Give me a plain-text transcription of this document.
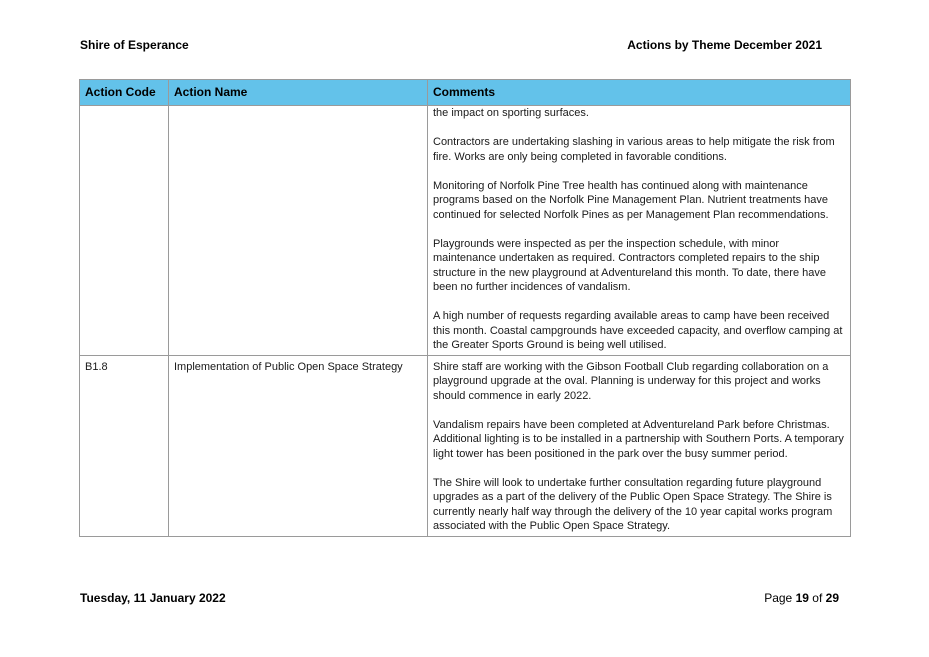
Shire of Esperance	Actions by Theme December 2021
Action Code	Action Name	Comments

		the impact on sporting surfaces.

Contractors are undertaking slashing in various areas to help mitigate the risk from fire. Works are only being completed in favorable conditions.

Monitoring of Norfolk Pine Tree health has continued along with maintenance programs based on the Norfolk Pine Management Plan. Nutrient treatments have continued for selected Norfolk Pines as per Management Plan recommendations.

Playgrounds were inspected as per the inspection schedule, with minor maintenance undertaken as required. Contractors completed repairs to the ship structure in the new playground at Adventureland this month. To date, there have been no further incidences of vandalism.

A high number of requests regarding available areas to camp have been received this month. Coastal campgrounds have exceeded capacity, and overflow camping at the Greater Sports Ground is being well utilised.

B1.8	Implementation of Public Open Space Strategy	Shire staff are working with the Gibson Football Club regarding collaboration on a playground upgrade at the oval. Planning is underway for this project and works should commence in early 2022.

Vandalism repairs have been completed at Adventureland Park before Christmas. Additional lighting is to be installed in a partnership with Southern Ports. A temporary light tower has been positioned in the park over the busy summer period.

The Shire will look to undertake further consultation regarding future playground upgrades as a part of the delivery of the Public Open Space Strategy. The Shire is currently nearly half way through the delivery of the 10 year capital works program associated with the Public Open Space Strategy.

Tuesday, 11 January 2022	Page 19 of 29
